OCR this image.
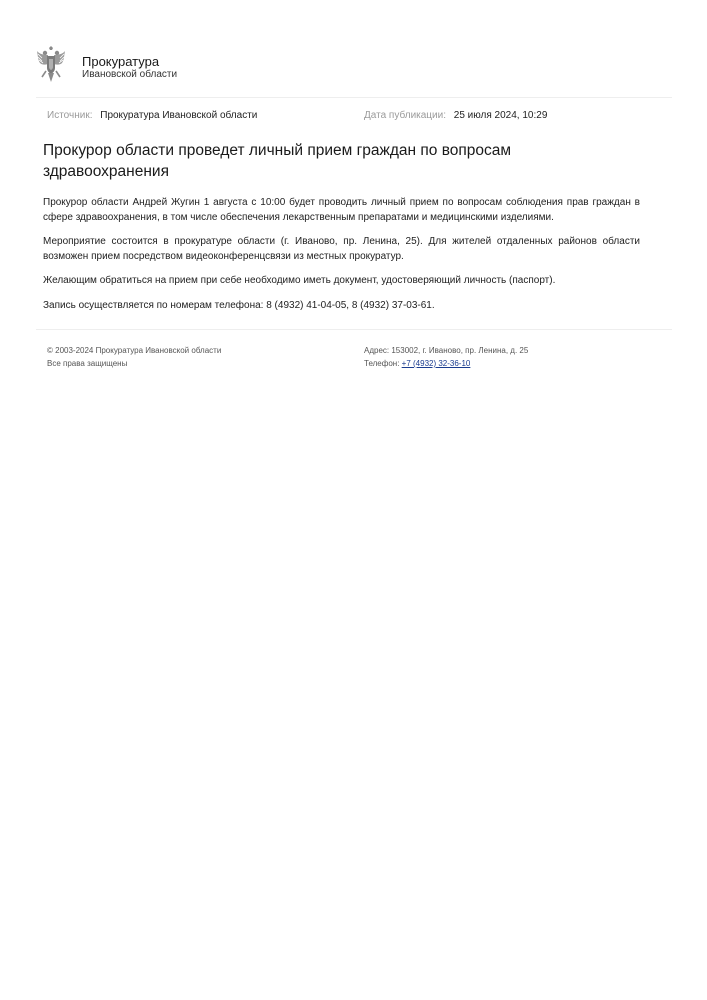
Прокуратура
Ивановской области
Источник: Прокуратура Ивановской области	Дата публикации: 25 июля 2024, 10:29
Прокурор области проведет личный прием граждан по вопросам здравоохранения

Прокурор области Андрей Жугин 1 августа с 10:00 будет проводить личный прием по вопросам соблюдения прав граждан в сфере здравоохранения, в том числе обеспечения лекарственным препаратами и медицинскими изделиями.

Мероприятие состоится в прокуратуре области (г. Иваново, пр. Ленина, 25). Для жителей отдаленных районов области возможен прием посредством видеоконференцсвязи из местных прокуратур.

Желающим обратиться на прием при себе необходимо иметь документ, удостоверяющий личность (паспорт).

Запись осуществляется по номерам телефона: 8 (4932) 41-04-05, 8 (4932) 37-03-61.

© 2003-2024 Прокуратура Ивановской области
Все права защищены
Адрес: 153002, г. Иваново, пр. Ленина, д. 25
Телефон: +7 (4932) 32-36-10
